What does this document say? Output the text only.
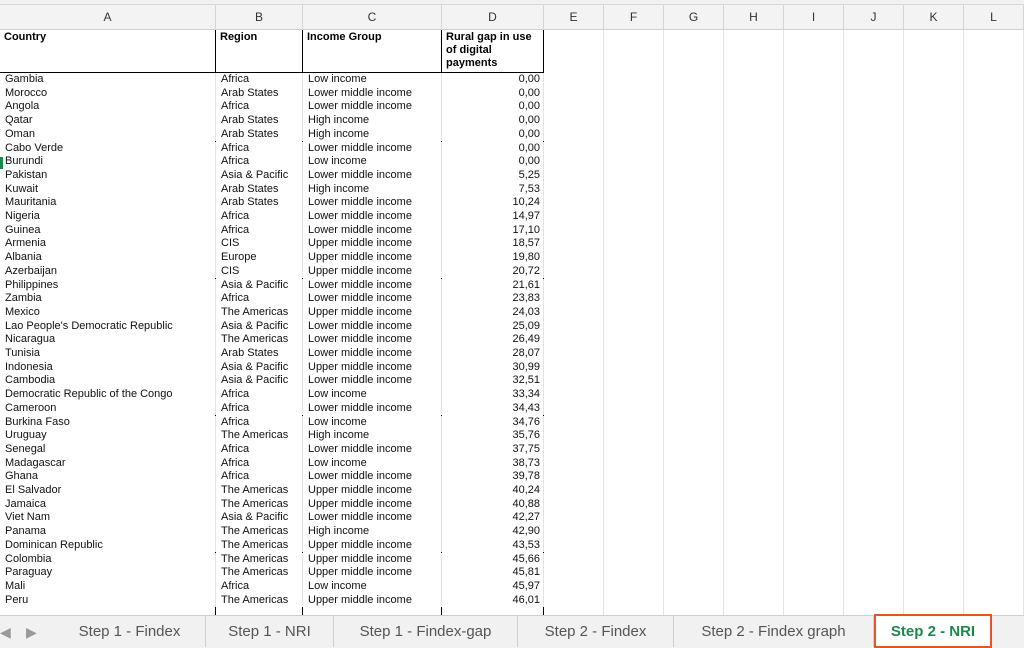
A	B	C	D	E	F	G	H	I	J	K	L
Country	Region	Income Group	Rural gap in use of digital payments
Gambia	Africa	Low income	0,00
Morocco	Arab States	Lower middle income	0,00
Angola	Africa	Lower middle income	0,00
Qatar	Arab States	High income	0,00
Oman	Arab States	High income	0,00
Cabo Verde	Africa	Lower middle income	0,00
Burundi	Africa	Low income	0,00
Pakistan	Asia & Pacific	Lower middle income	5,25
Kuwait	Arab States	High income	7,53
Mauritania	Arab States	Lower middle income	10,24
Nigeria	Africa	Lower middle income	14,97
Guinea	Africa	Lower middle income	17,10
Armenia	CIS	Upper middle income	18,57
Albania	Europe	Upper middle income	19,80
Azerbaijan	CIS	Upper middle income	20,72
Philippines	Asia & Pacific	Lower middle income	21,61
Zambia	Africa	Lower middle income	23,83
Mexico	The Americas	Upper middle income	24,03
Lao People's Democratic Republic	Asia & Pacific	Lower middle income	25,09
Nicaragua	The Americas	Lower middle income	26,49
Tunisia	Arab States	Lower middle income	28,07
Indonesia	Asia & Pacific	Upper middle income	30,99
Cambodia	Asia & Pacific	Lower middle income	32,51
Democratic Republic of the Congo	Africa	Low income	33,34
Cameroon	Africa	Lower middle income	34,43
Burkina Faso	Africa	Low income	34,76
Uruguay	The Americas	High income	35,76
Senegal	Africa	Lower middle income	37,75
Madagascar	Africa	Low income	38,73
Ghana	Africa	Lower middle income	39,78
El Salvador	The Americas	Upper middle income	40,24
Jamaica	The Americas	Upper middle income	40,88
Viet Nam	Asia & Pacific	Lower middle income	42,27
Panama	The Americas	High income	42,90
Dominican Republic	The Americas	Upper middle income	43,53
Colombia	The Americas	Upper middle income	45,66
Paraguay	The Americas	Upper middle income	45,81
Mali	Africa	Low income	45,97
Peru	The Americas	Upper middle income	46,01
◀ ▶	Step 1 - Findex	Step 1 - NRI	Step 1 - Findex-gap	Step 2 - Findex	Step 2 - Findex graph	Step 2 - NRI
